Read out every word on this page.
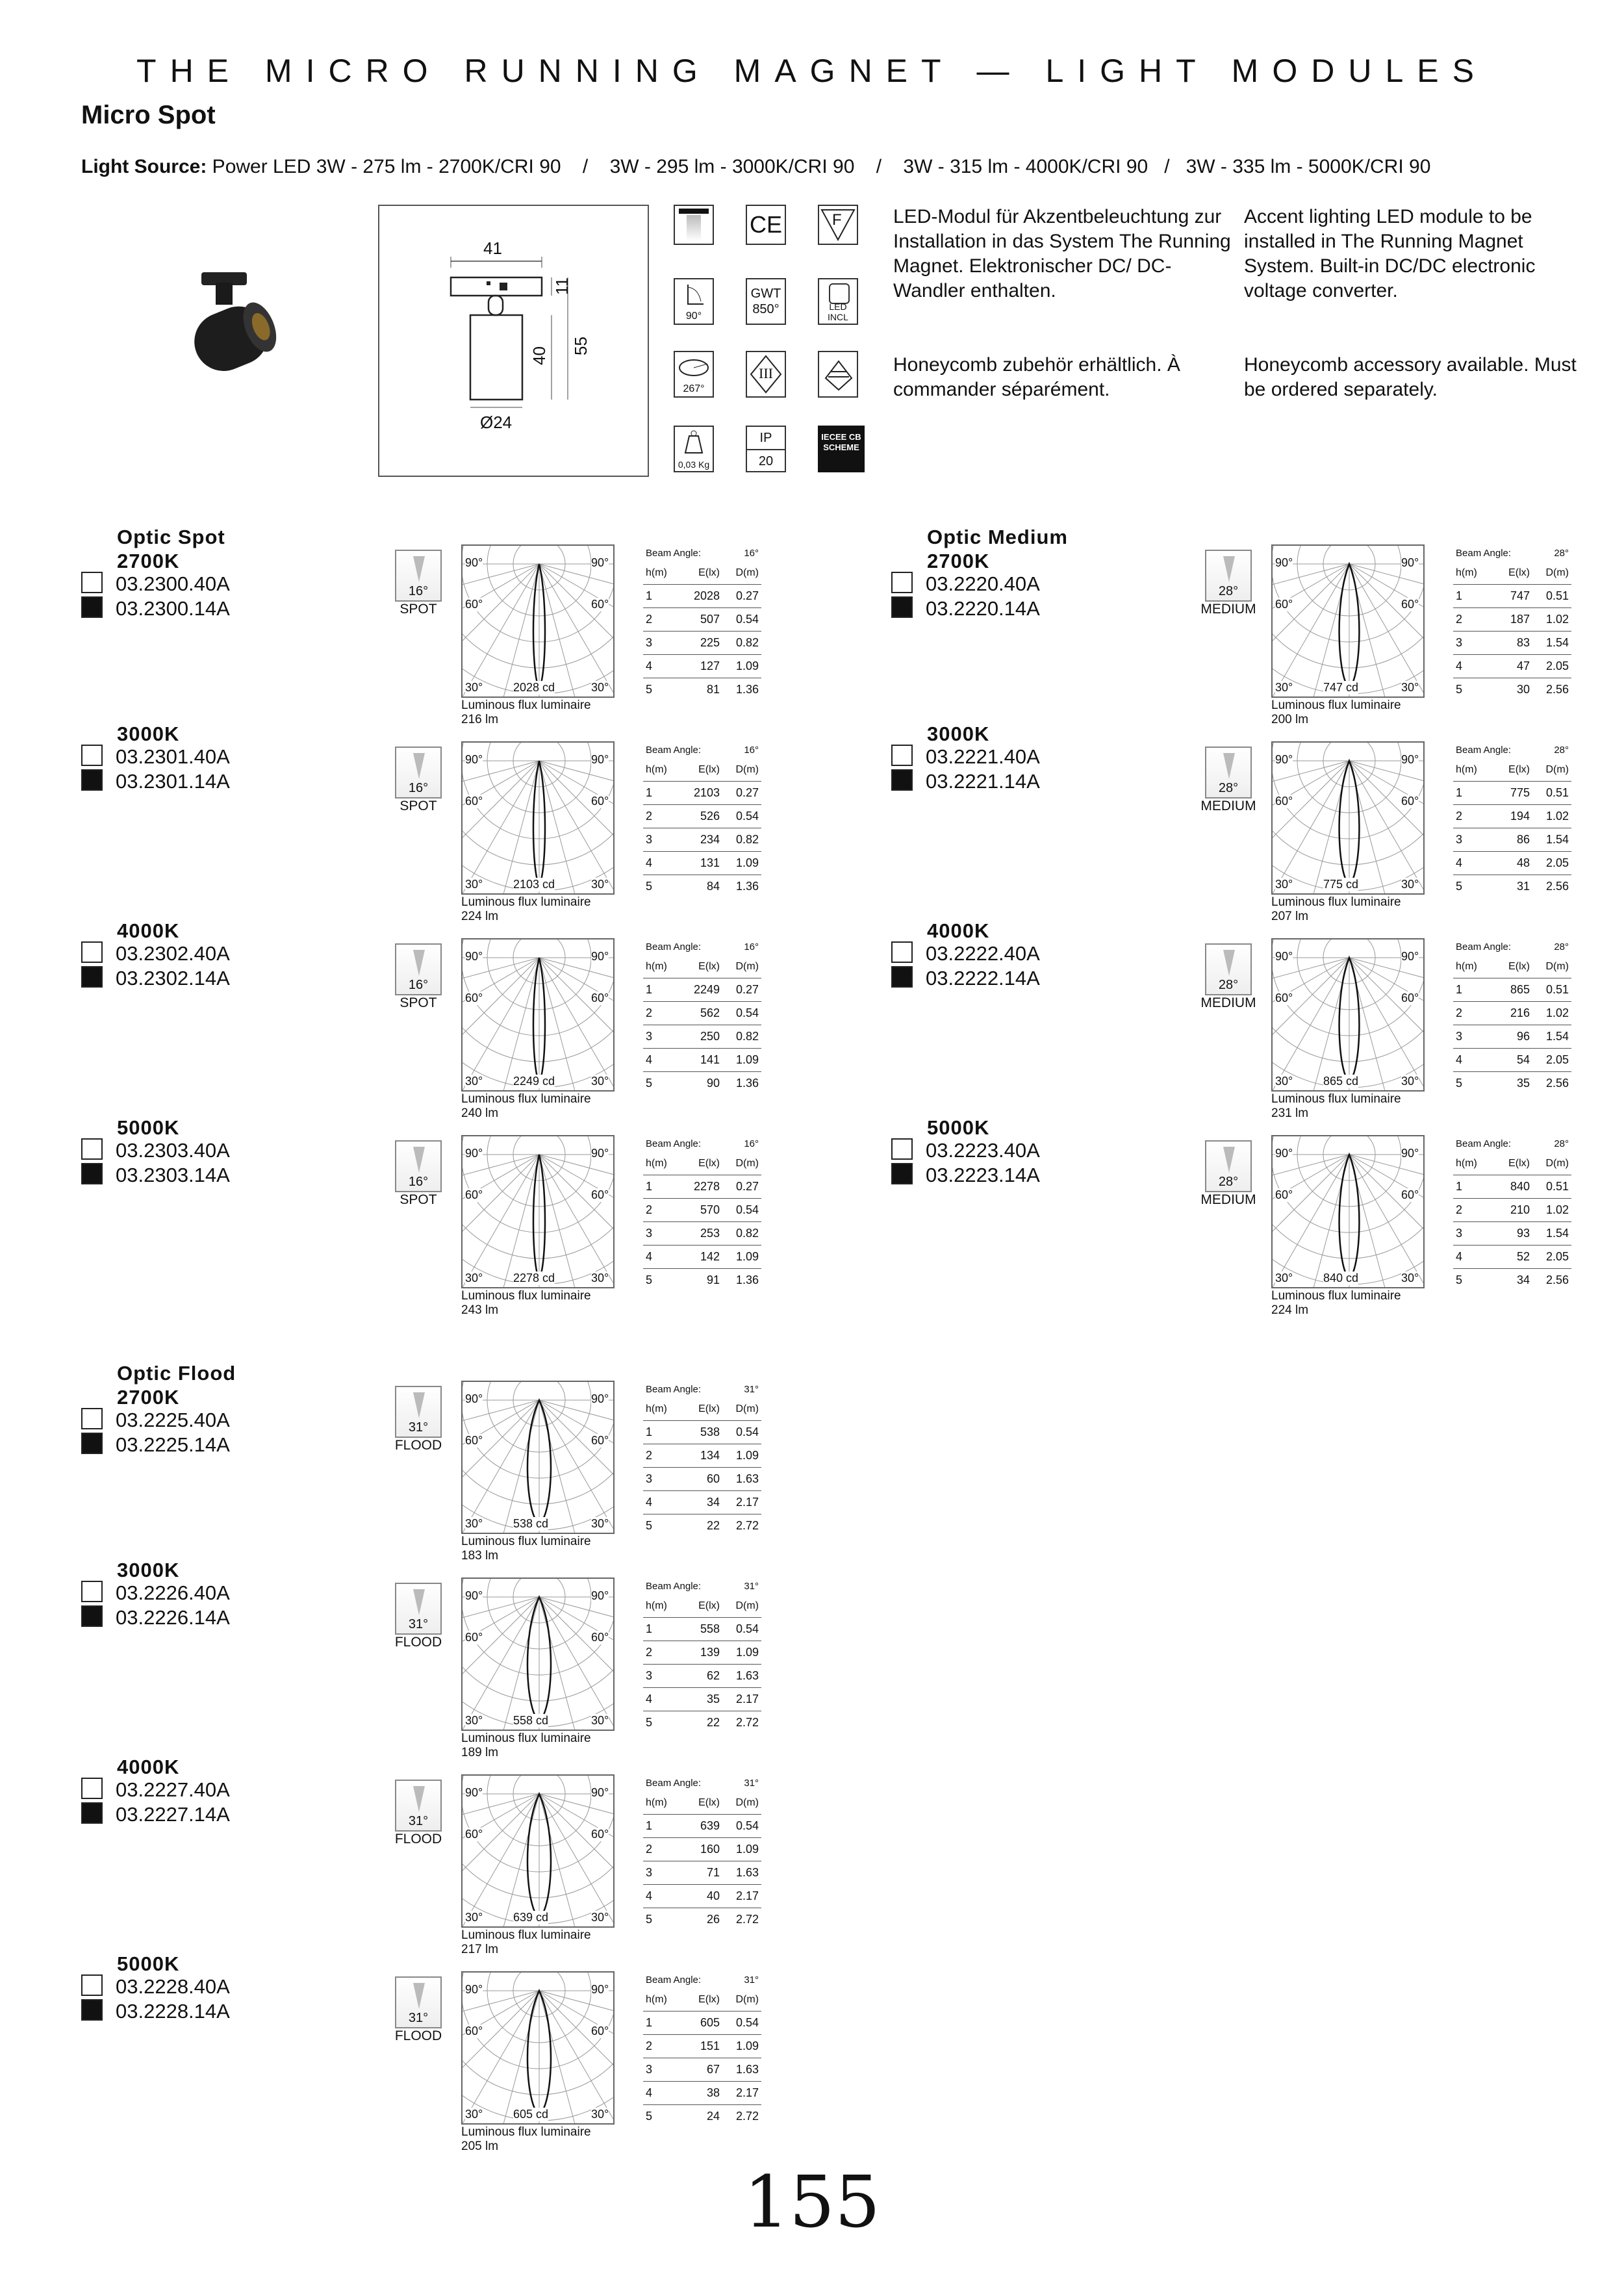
THE MICRO RUNNING MAGNET — LIGHT MODULES
Micro Spot
Light Source: Power LED 3W - 275 lm - 2700K/CRI 90    /    3W - 295 lm - 3000K/CRI 90    /    3W - 315 lm - 4000K/CRI 90   /   3W - 335 lm - 5000K/CRI 90
41
11
40
55
Ø24
CE	F
90°
GWT
850°	LED INCL
267°
III
0,03 Kg
IP
20
IECEE CB SCHEME
LED-Modul für Akzentbeleuchtung zur Installation in das System The Running Magnet. Elektronischer DC/ DC-Wandler enthalten.
Accent lighting LED module to be installed in The Running Magnet System. Built-in DC/DC electronic voltage converter.
Honeycomb zubehör erhältlich. À commander séparément.
Honeycomb accessory available. Must be ordered separately.
Optic Spot
2700K
03.2300.40A
03.2300.14A
16°
SPOT
90°	90°
60°	60°
30°	30°
2028 cd
Luminous flux luminaire
216 lm
Beam Angle:		16°
h(m)	E(lx)	D(m)
1	2028	0.27
2	507	0.54
3	225	0.82
4	127	1.09
5	81	1.36
3000K
03.2301.40A
03.2301.14A	16°
SPOT
90°	90°
60°	60°
30°	30°
2103 cd
Luminous flux luminaire
224 lm
Beam Angle:		16°
h(m)	E(lx)	D(m)
1	2103	0.27
2	526	0.54
3	234	0.82
4	131	1.09
5	84	1.36
4000K
03.2302.40A
03.2302.14A	16°
SPOT
90°	90°
60°	60°
30°	30°
2249 cd
Luminous flux luminaire
240 lm
Beam Angle:		16°
h(m)	E(lx)	D(m)
1	2249	0.27
2	562	0.54
3	250	0.82
4	141	1.09
5	90	1.36
5000K
03.2303.40A
03.2303.14A	16°
SPOT
90°	90°
60°	60°
30°	30°
2278 cd
Luminous flux luminaire
243 lm
Beam Angle:		16°
h(m)	E(lx)	D(m)
1	2278	0.27
2	570	0.54
3	253	0.82
4	142	1.09
5	91	1.36
Optic Medium
2700K
03.2220.40A
03.2220.14A
28°
MEDIUM
90°	90°
60°	60°
30°	30°
747 cd
Luminous flux luminaire
200 lm
Beam Angle:		28°
h(m)	E(lx)	D(m)
1	747	0.51
2	187	1.02
3	83	1.54
4	47	2.05
5	30	2.56
3000K
03.2221.40A
03.2221.14A	28°
MEDIUM
90°	90°
60°	60°
30°	30°
775 cd
Luminous flux luminaire
207 lm
Beam Angle:		28°
h(m)	E(lx)	D(m)
1	775	0.51
2	194	1.02
3	86	1.54
4	48	2.05
5	31	2.56
4000K
03.2222.40A
03.2222.14A	28°
MEDIUM
90°	90°
60°	60°
30°	30°
865 cd
Luminous flux luminaire
231 lm
Beam Angle:		28°
h(m)	E(lx)	D(m)
1	865	0.51
2	216	1.02
3	96	1.54
4	54	2.05
5	35	2.56
5000K
03.2223.40A
03.2223.14A	28°
MEDIUM
90°	90°
60°	60°
30°	30°
840 cd
Luminous flux luminaire
224 lm
Beam Angle:		28°
h(m)	E(lx)	D(m)
1	840	0.51
2	210	1.02
3	93	1.54
4	52	2.05
5	34	2.56
Optic Flood
2700K
03.2225.40A
03.2225.14A
31°
FLOOD
90°	90°
60°	60°
30°	30°
538 cd
Luminous flux luminaire
183 lm
Beam Angle:		31°
h(m)	E(lx)	D(m)
1	538	0.54
2	134	1.09
3	60	1.63
4	34	2.17
5	22	2.72
3000K
03.2226.40A
03.2226.14A	31°
FLOOD
90°	90°
60°	60°
30°	30°
558 cd
Luminous flux luminaire
189 lm
Beam Angle:		31°
h(m)	E(lx)	D(m)
1	558	0.54
2	139	1.09
3	62	1.63
4	35	2.17
5	22	2.72
4000K
03.2227.40A
03.2227.14A	31°
FLOOD
90°	90°
60°	60°
30°	30°
639 cd
Luminous flux luminaire
217 lm
Beam Angle:		31°
h(m)	E(lx)	D(m)
1	639	0.54
2	160	1.09
3	71	1.63
4	40	2.17
5	26	2.72
5000K
03.2228.40A
03.2228.14A	31°
FLOOD
90°	90°
60°	60°
30°	30°
605 cd
Luminous flux luminaire
205 lm
Beam Angle:		31°
h(m)	E(lx)	D(m)
1	605	0.54
2	151	1.09
3	67	1.63
4	38	2.17
5	24	2.72
155
